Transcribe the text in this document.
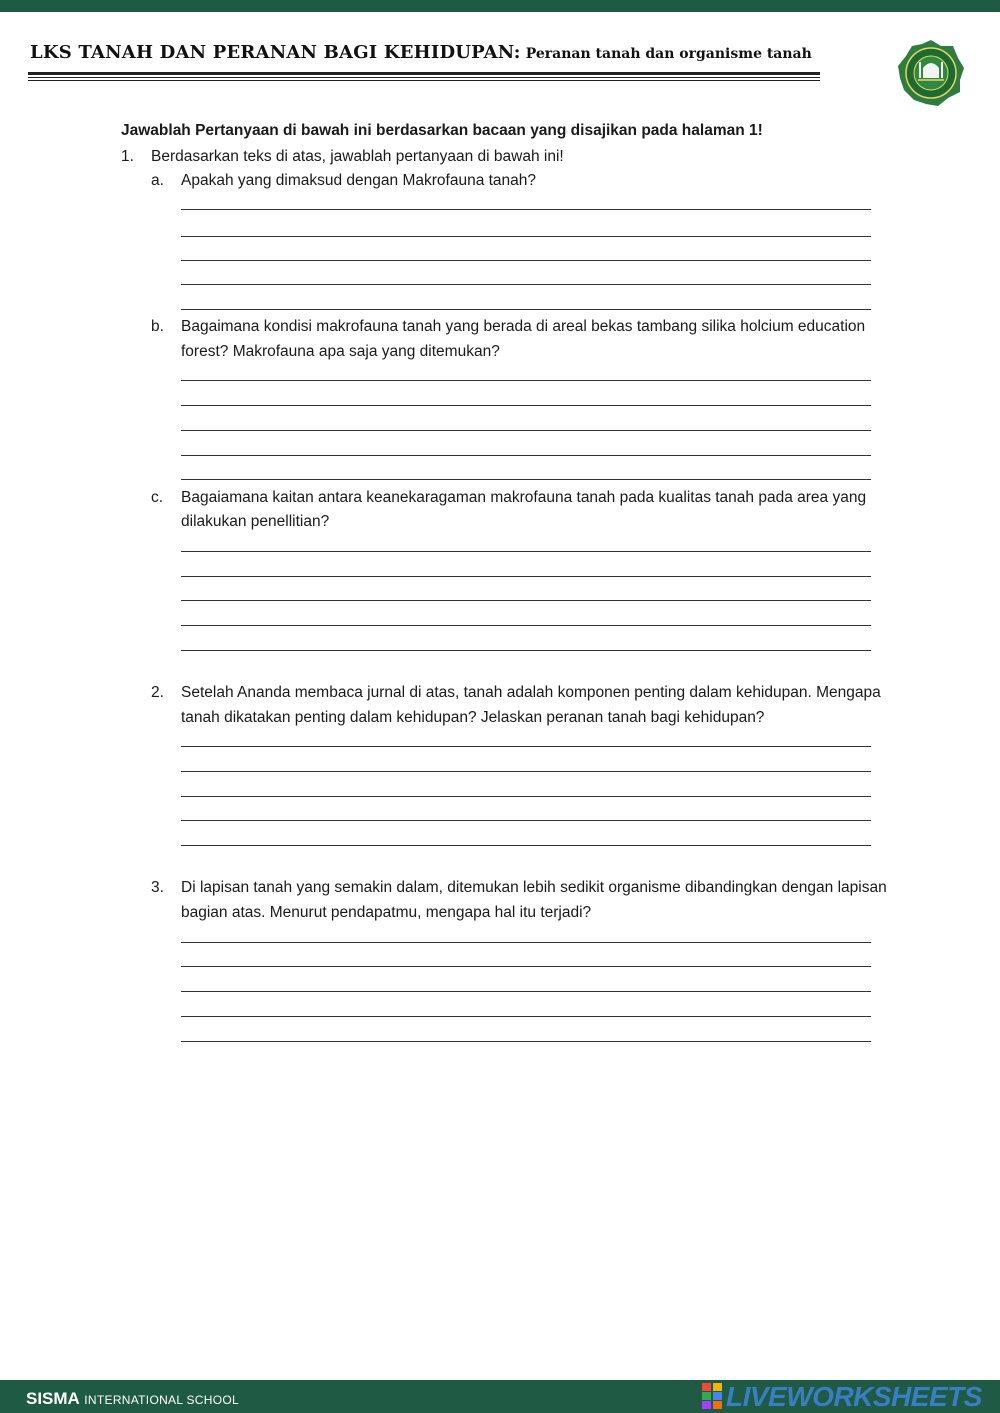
LKS TANAH DAN PERANAN BAGI KEHIDUPAN: Peranan tanah dan organisme tanah
Jawablah Pertanyaan di bawah ini berdasarkan bacaan yang disajikan pada halaman 1!
1. Berdasarkan teks di atas, jawablah pertanyaan di bawah ini!
a. Apakah yang dimaksud dengan Makrofauna tanah?
b. Bagaimana kondisi makrofauna tanah yang berada di areal bekas tambang silika holcium education
forest? Makrofauna apa saja yang ditemukan?
c. Bagaiamana kaitan antara keanekaragaman makrofauna tanah pada kualitas tanah pada area yang
dilakukan penellitian?
2. Setelah Ananda membaca jurnal di atas, tanah adalah komponen penting dalam kehidupan. Mengapa
tanah dikatakan penting dalam kehidupan? Jelaskan peranan tanah bagi kehidupan?
3. Di lapisan tanah yang semakin dalam, ditemukan lebih sedikit organisme dibandingkan dengan lapisan
bagian atas. Menurut pendapatmu, mengapa hal itu terjadi?
SISMA INTERNATIONAL SCHOOL	LIVEWORKSHEETS
